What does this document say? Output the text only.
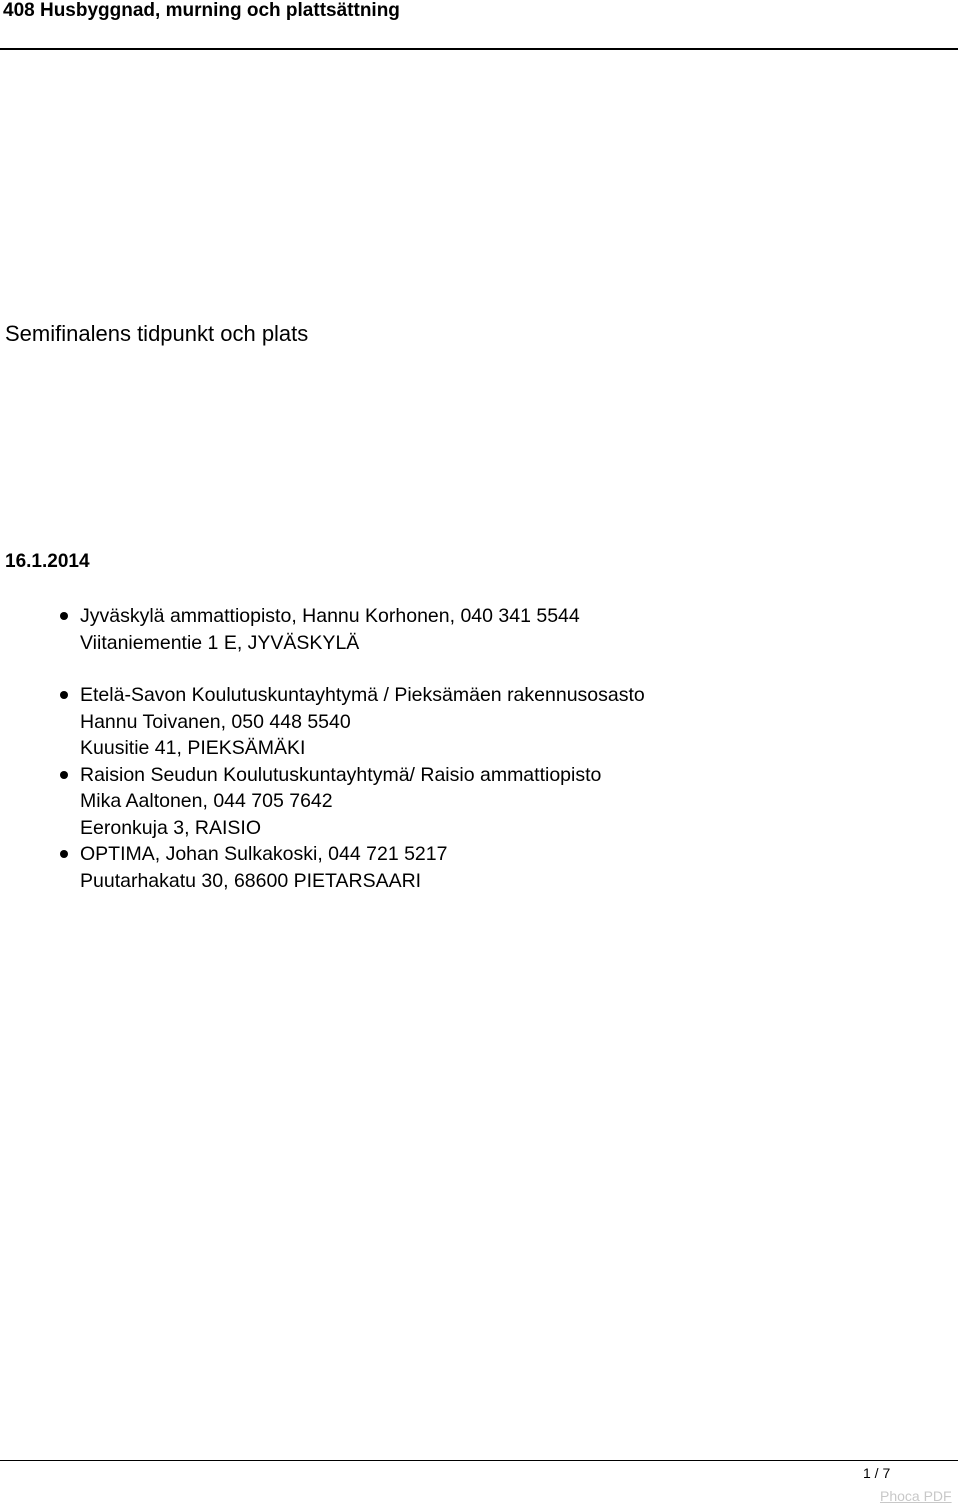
408 Husbyggnad, murning och plattsättning
Semifinalens tidpunkt och plats
16.1.2014
Jyväskylä ammattiopisto, Hannu Korhonen, 040 341 5544
Viitaniementie 1 E, JYVÄSKYLÄ
Etelä-Savon Koulutuskuntayhtymä / Pieksämäen rakennusosasto
Hannu Toivanen, 050 448 5540
Kuusitie 41, PIEKSÄMÄKI
Raision Seudun Koulutuskuntayhtymä/ Raisio ammattiopisto
Mika Aaltonen, 044 705 7642
Eeronkuja 3, RAISIO
OPTIMA, Johan Sulkakoski, 044 721 5217
Puutarhakatu 30, 68600 PIETARSAARI
1 / 7
Phoca PDF
